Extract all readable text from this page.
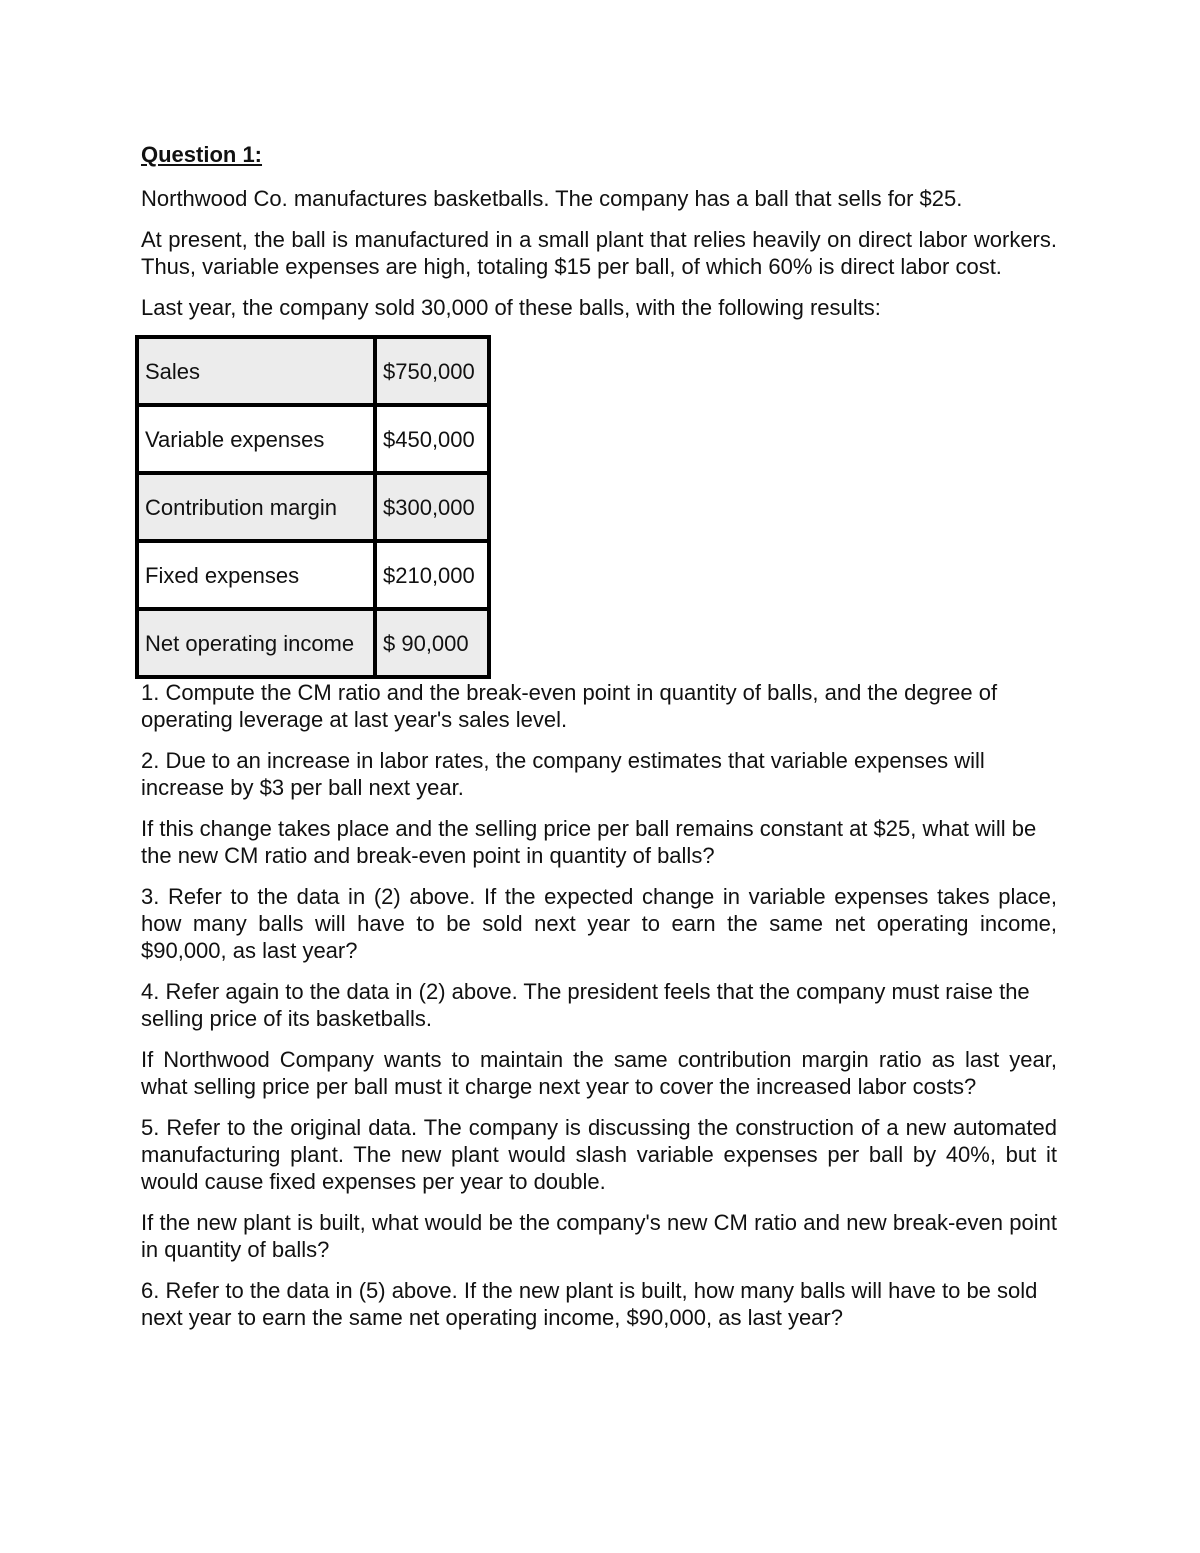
Question 1:

Northwood Co. manufactures basketballs. The company has a ball that sells for $25.

At present, the ball is manufactured in a small plant that relies heavily on direct labor workers. Thus, variable expenses are high, totaling $15 per ball, of which 60% is direct labor cost.

Last year, the company sold 30,000 of these balls, with the following results:

Sales	$750,000
Variable expenses	$450,000
Contribution margin	$300,000
Fixed expenses	$210,000
Net operating income	$ 90,000

1. Compute the CM ratio and the break-even point in quantity of balls, and the degree of operating leverage at last year's sales level.

2. Due to an increase in labor rates, the company estimates that variable expenses will increase by $3 per ball next year.

If this change takes place and the selling price per ball remains constant at $25, what will be the new CM ratio and break-even point in quantity of balls?

3. Refer to the data in (2) above. If the expected change in variable expenses takes place, how many balls will have to be sold next year to earn the same net operating income, $90,000, as last year?

4. Refer again to the data in (2) above. The president feels that the company must raise the selling price of its basketballs.

If Northwood Company wants to maintain the same contribution margin ratio as last year, what selling price per ball must it charge next year to cover the increased labor costs?

5. Refer to the original data. The company is discussing the construction of a new automated manufacturing plant. The new plant would slash variable expenses per ball by 40%, but it would cause fixed expenses per year to double.

If the new plant is built, what would be the company's new CM ratio and new break-even point in quantity of balls?

6. Refer to the data in (5) above. If the new plant is built, how many balls will have to be sold next year to earn the same net operating income, $90,000, as last year?
